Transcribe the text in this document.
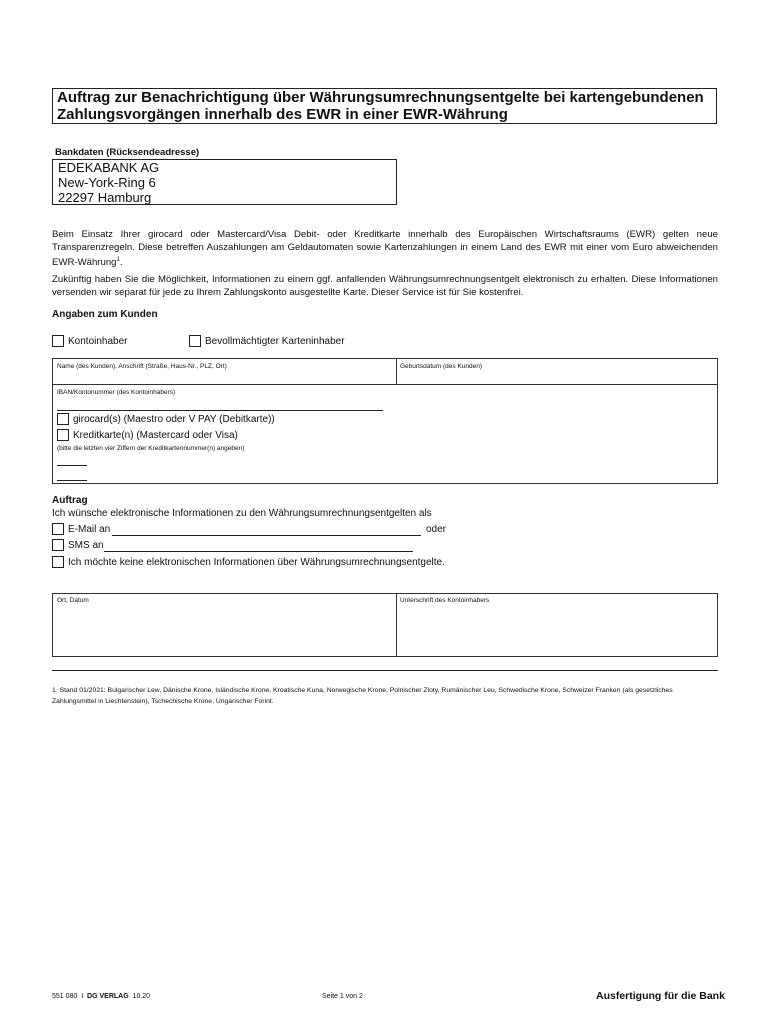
Auftrag zur Benachrichtigung über Währungsumrechnungsentgelte bei kartengebundenen
Zahlungsvorgängen innerhalb des EWR in einer EWR-Währung
Bankdaten (Rücksendeadresse)
EDEKABANK AG
New-York-Ring 6
22297 Hamburg
Beim Einsatz Ihrer girocard oder Mastercard/Visa Debit- oder Kreditkarte innerhalb des Europäischen Wirtschaftsraums (EWR) gelten neue Transparenzregeln. Diese betreffen Auszahlungen am Geldautomaten sowie Kartenzahlungen in einem Land des EWR mit einer vom Euro abweichenden EWR-Währung$^1$.
Zukünftig haben Sie die Möglichkeit, Informationen zu einem ggf. anfallenden Währungsumrechnungsentgelt elektronisch zu erhalten. Diese Informationen versenden wir separat für jede zu Ihrem Zahlungskonto ausgestellte Karte. Dieser Service ist für Sie kostenfrei.
Angaben zum Kunden
Kontoinhaber	Bevollmächtigter Karteninhaber
Name (des Kunden), Anschrift (Straße, Haus-Nr., PLZ, Ort)	Geburtsdatum (des Kunden)
IBAN/Kontonummer (des Kontoinhabers)
girocard(s) (Maestro oder V PAY (Debitkarte))
Kreditkarte(n) (Mastercard oder Visa)
(bitte die letzten vier Ziffern der Kreditkartennummer(n) angeben)
Auftrag
Ich wünsche elektronische Informationen zu den Währungsumrechnungsentgelten als
E-Mail an	oder
SMS an
Ich möchte keine elektronischen Informationen über Währungsumrechnungsentgelte.
Ort, Datum	Unterschrift des Kontoinhabers
1 Stand 01/2021: Bulgarischer Lew, Dänische Krone, Isländische Krone, Kroatische Kuna, Norwegische Krone, Polnischer Zloty, Rumänischer Leu, Schwedische Krone, Schweizer Franken (als gesetzliches Zahlungsmittel in Liechtenstein), Tschechische Krone, Ungarischer Forint.
551 080 I DG VERLAG 10.20	Seite 1 von 2	Ausfertigung für die Bank
